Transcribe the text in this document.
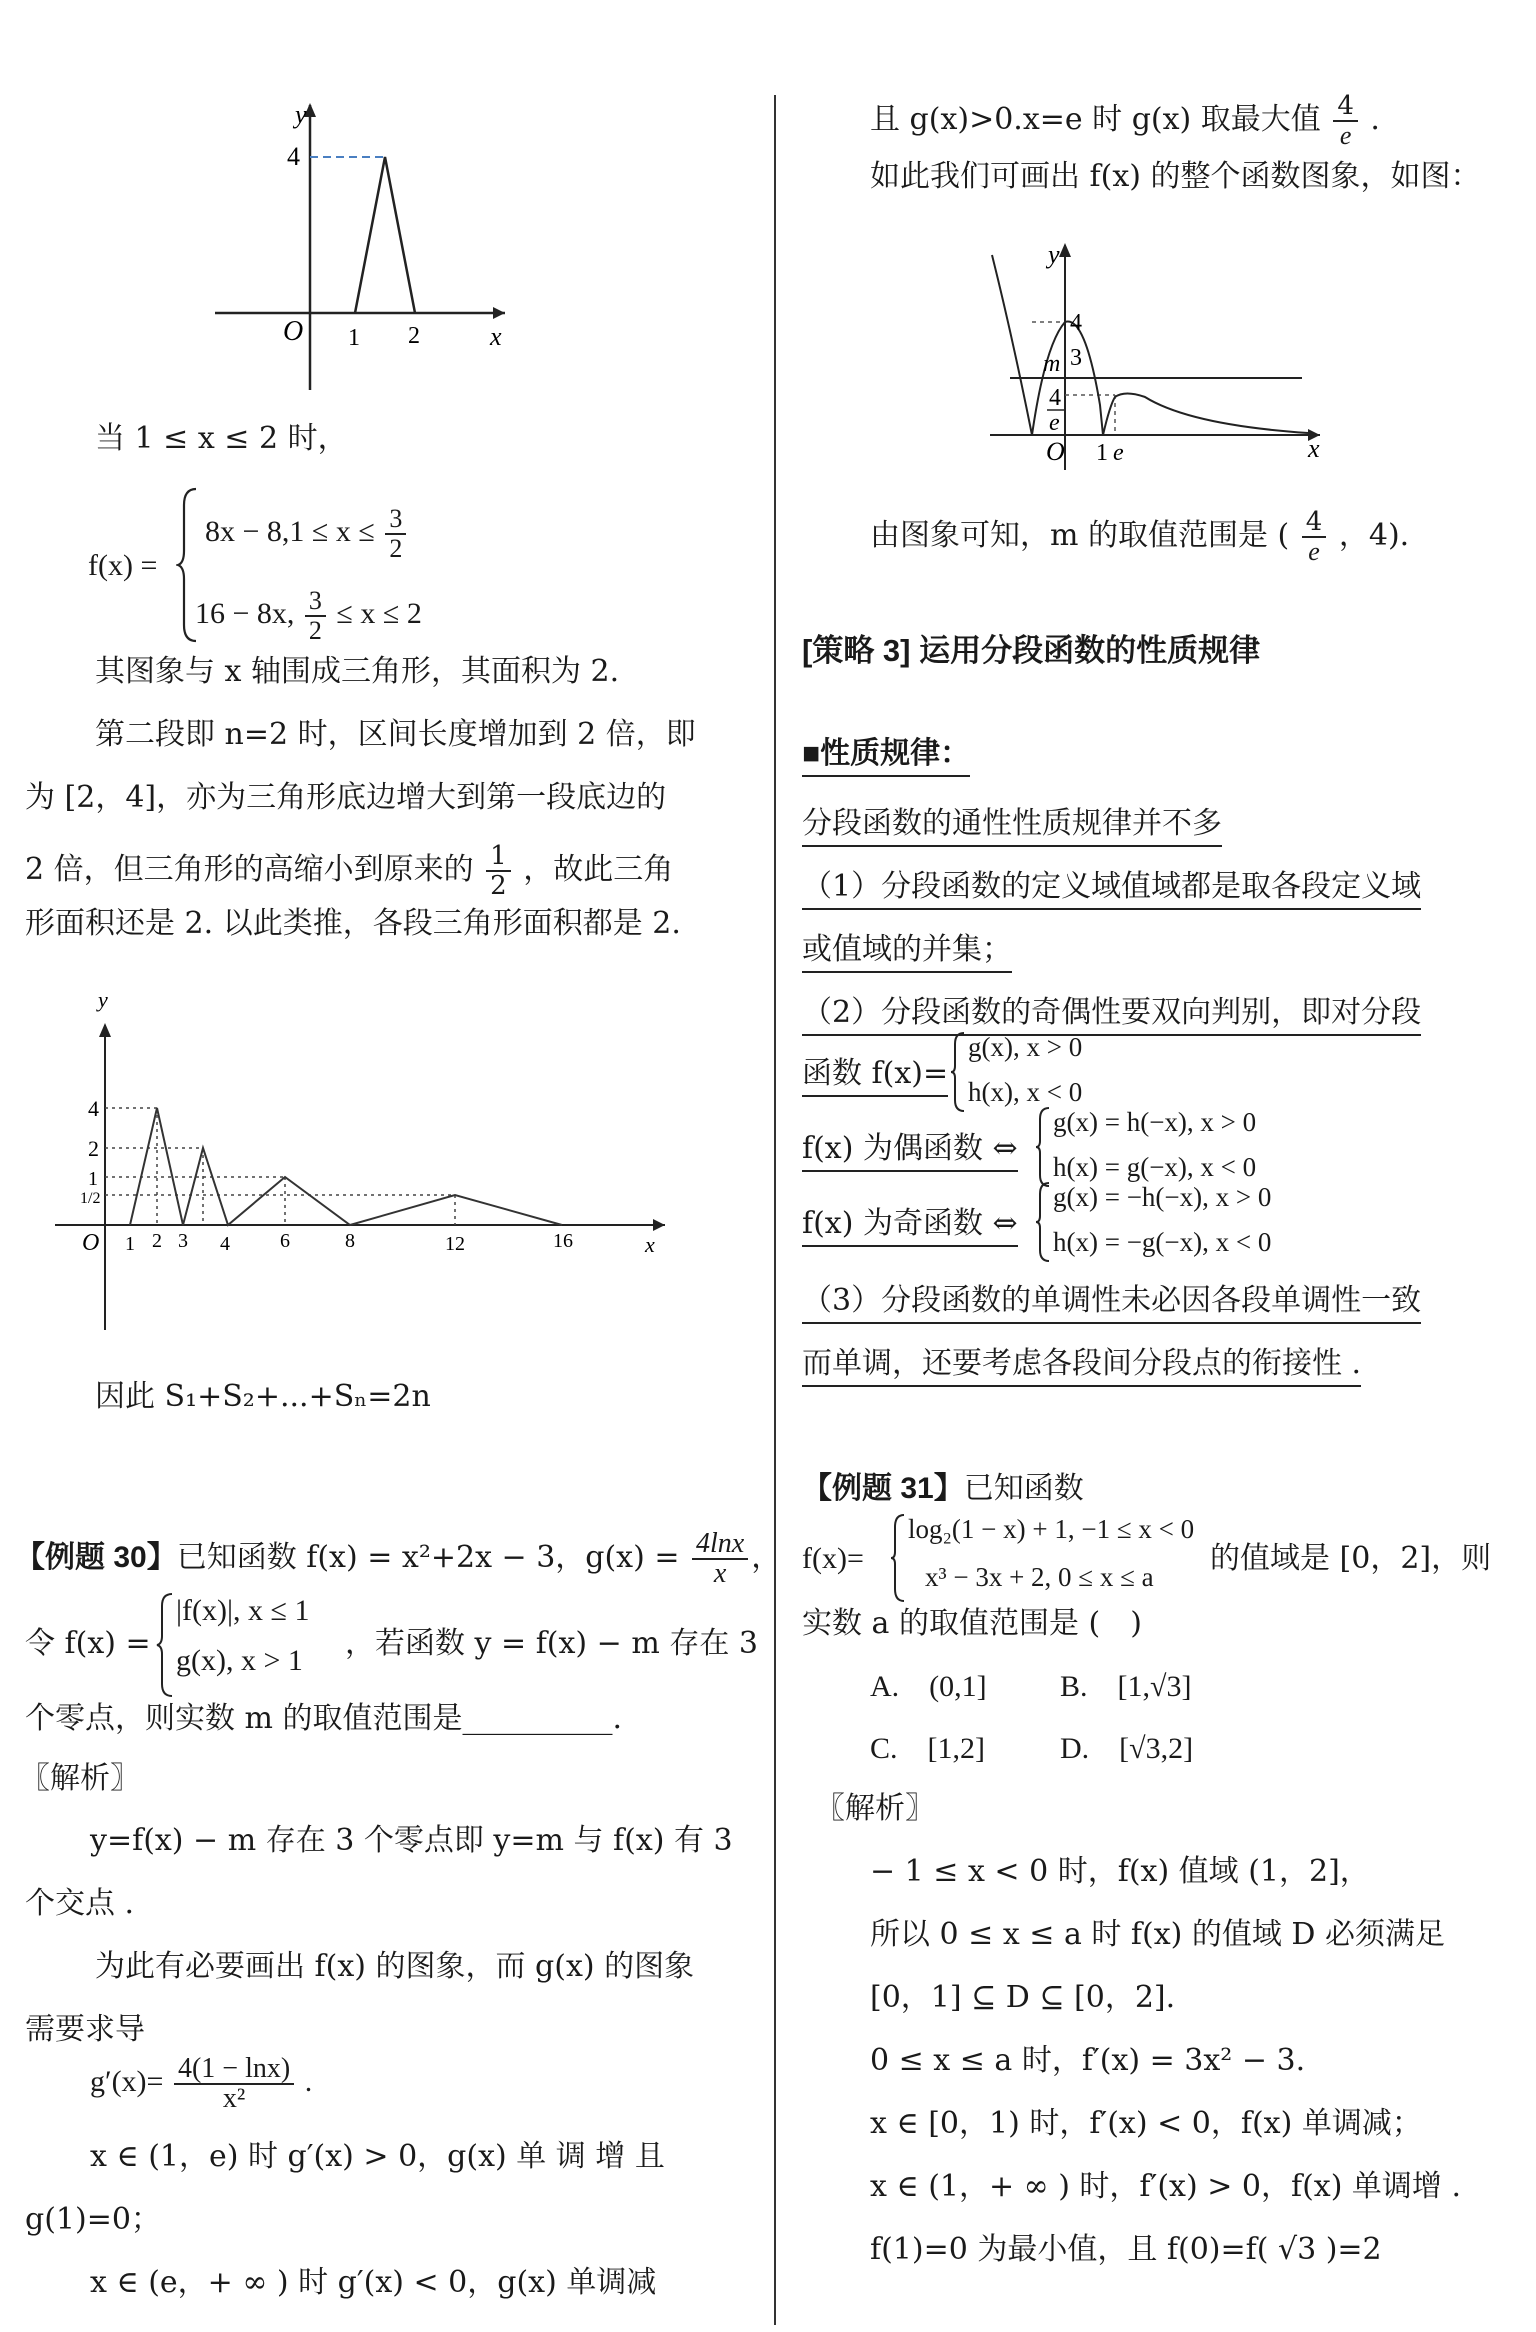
y
x
O
4
1 2
当 1 ≤ x ≤ 2 时，
f(x) =
$8x - 8,1 \le x \le \frac{3}{2}$
16 − 8x, $\frac{3}{2} \le x \le 2$
其图象与 x 轴围成三角形，其面积为 2.
第二段即 n=2 时，区间长度增加到 2 倍，即
为 [2，4]，亦为三角形底边增大到第一段底边的
2 倍，但三角形的高缩小到原来的 $\frac{1}{2}$ ，故此三角
形面积还是 2. 以此类推，各段三角形面积都是 2.
y
x
O
4
2
1
1/2
1 2 3 4	6	8	12	16
因此 S₁+S₂+...+Sₙ=2n
【例题 30】已知函数 f(x) = x²+2x − 3，$g(x) = \frac{4\ln x}{x}$ ，
令 f(x) =
|f(x)|, x ≤ 1
g(x), x > 1 ，若函数 y = f(x) − m 存在 3
个零点，则实数 m 的取值范围是__________.
〖解析〗
y=f(x) − m 存在 3 个零点即 y=m 与 f(x) 有 3
个交点 .
为此有必要画出 f(x) 的图象，而 g(x) 的图象
需要求导
$g'(x)= \frac{4(1 - \ln x)}{\text{x²}}$ .
x ∈ (1，e) 时 g′(x) > 0，g(x) 单 调 增 且
g(1)=0；
x ∈ (e，+ ∞ ) 时 g′(x) < 0，g(x) 单调减
且 g(x)>0.x=e 时 g(x) 取最大值 $\frac{4}{e}$ .
如此我们可画出 f(x) 的整个函数图象，如图：
y
x
O
4
m 3
4
e
1 e
由图象可知，m 的取值范围是 ( $\frac{4}{e}$ ，4).
[策略 3] 运用分段函数的性质规律
■性质规律：
分段函数的通性性质规律并不多
（1）分段函数的定义域值域都是取各段定义域
或值域的并集；
（2）分段函数的奇偶性要双向判别，即对分段
函数 f(x)=
g(x), x > 0
h(x), x < 0
f(x) 为偶函数 ⇔
g(x) = h(−x), x > 0
h(x) = g(−x), x < 0
f(x) 为奇函数 ⇔
g(x) = −h(−x), x > 0
h(x) = −g(−x), x < 0
（3）分段函数的单调性未必因各段单调性一致
而单调，还要考虑各段间分段点的衔接性 .
【例题 31】已知函数
f(x)=
log₂(1 − x) + 1, −1 ≤ x < 0
x³ − 3x + 2, 0 ≤ x ≤ a
的值域是 [0，2]，则
实数 a 的取值范围是 (　)
A.　(0,1] B.　[1,√3]
C.　[1,2]	D.　[√3,2]
〖解析〗
− 1 ≤ x < 0 时，f(x) 值域 (1，2]，
所以 0 ≤ x ≤ a 时 f(x) 的值域 D 必须满足
[0，1] ⊆ D ⊆ [0，2].
0 ≤ x ≤ a 时，f′(x) = 3x² − 3.
x ∈ [0，1) 时，f′(x) < 0，f(x) 单调减；
x ∈ (1，+ ∞ ) 时，f′(x) > 0，f(x) 单调增 .
f(1)=0 为最小值，且 f(0)=f( √3 )=2
